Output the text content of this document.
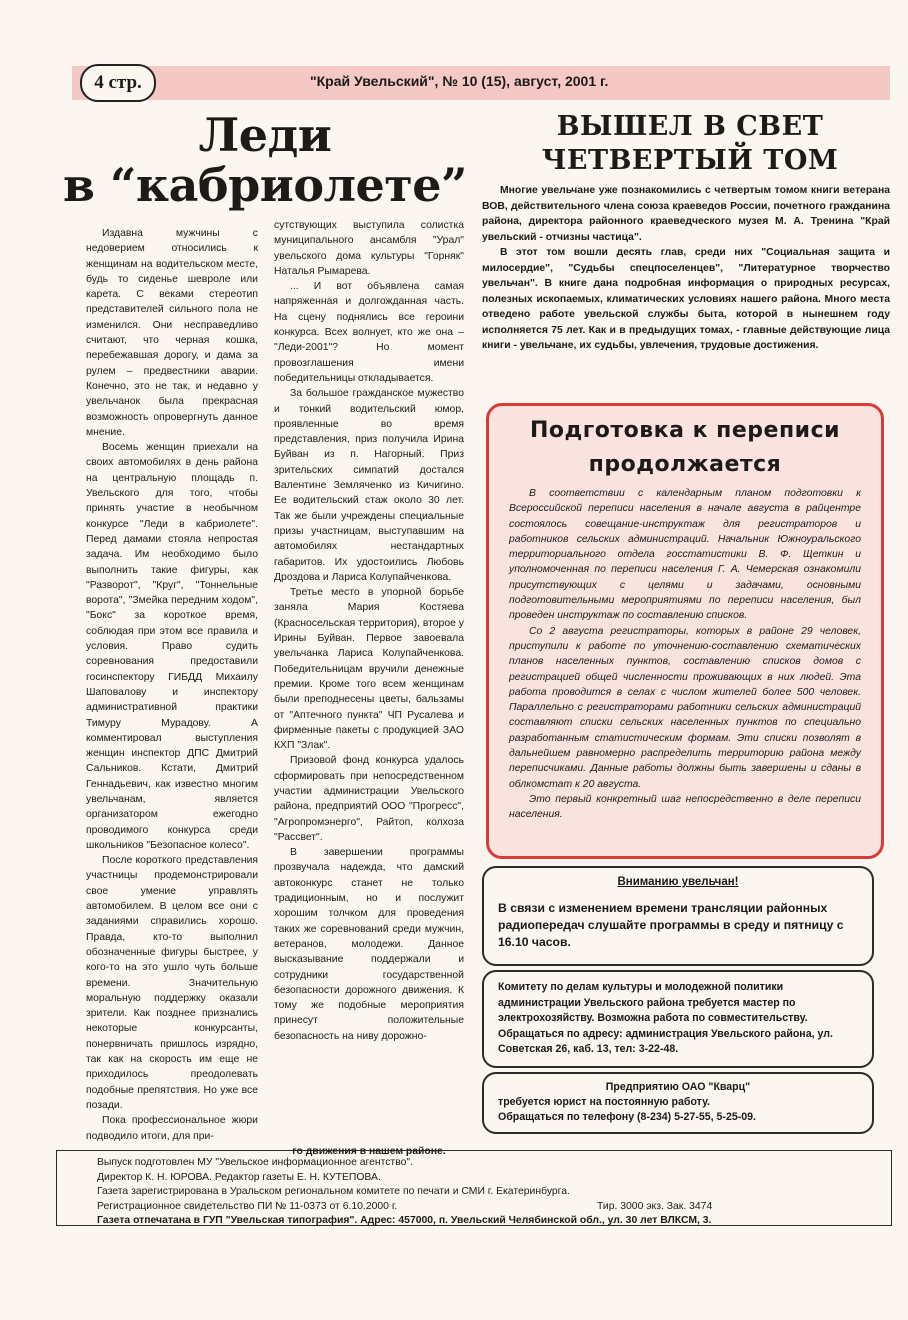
4 стр.	"Край Увельский", № 10 (15), август, 2001 г.
Леди
в “кабриолете”

Издавна мужчины с недоверием относились к женщинам на водительском месте, будь то сиденье шевроле или карета. С веками стереотип представителей сильного пола не изменился. Они несправедливо считают, что черная кошка, перебежавшая дорогу, и дама за рулем – предвестники аварии. Конечно, это не так, и недавно у увельчанок была прекрасная возможность опровергнуть данное мнение.

Восемь женщин приехали на своих автомобилях в день района на центральную площадь п. Увельского для того, чтобы принять участие в необычном конкурсе "Леди в кабриолете". Перед дамами стояла непростая задача. Им необходимо было выполнить такие фигуры, как "Разворот", "Круг", "Тоннельные ворота", "Змейка передним ходом", "Бокс" за короткое время, соблюдая при этом все правила и условия. Право судить соревнования предоставили госинспектору ГИБДД Михаилу Шаповалову и инспектору административной практики Тимуру Мурадову. А комментировал выступления женщин инспектор ДПС Дмитрий Сальников. Кстати, Дмитрий Геннадьевич, как известно многим увельчанам, является организатором ежегодно проводимого конкурса среди школьников "Безопасное колесо".

После короткого представления участницы продемонстрировали свое умение управлять автомобилем. В целом все они с заданиями справились хорошо. Правда, кто-то выполнил обозначенные фигуры быстрее, у кого-то на это ушло чуть больше времени. Значительную моральную поддержку оказали зрители. Как позднее признались некоторые конкурсанты, понервничать пришлось изрядно, так как на скорость им еще не приходилось преодолевать подобные препятствия. Но уже все позади.

Пока профессиональное жюри подводило итоги, для при-

сутствующих выступила солистка муниципального ансамбля "Урал" увельского дома культуры "Горняк" Наталья Рымарева.

... И вот объявлена самая напряженная и долгожданная часть. На сцену поднялись все героини конкурса. Всех волнует, кто же она – "Леди-2001"? Но момент провозглашения имени победительницы откладывается.

За большое гражданское мужество и тонкий водительский юмор, проявленные во время представления, приз получила Ирина Буйван из п. Нагорный. Приз зрительских симпатий достался Валентине Земляченко из Кичигино. Ее водительский стаж около 30 лет. Так же были учреждены специальные призы участницам, выступавшим на автомобилях нестандартных габаритов. Их удостоились Любовь Дроздова и Лариса Колупайченкова.

Третье место в упорной борьбе заняла Мария Костяева (Красносельская территория), второе у Ирины Буйван. Первое завоевала увельчанка Лариса Колупайченкова. Победительницам вручили денежные премии. Кроме того всем женщинам были преподнесены цветы, бальзамы от "Аптечного пункта" ЧП Русалева и фирменные пакеты с продукцией ЗАО КХП "Злак".

Призовой фонд конкурса удалось сформировать при непосредственном участии администрации Увельского района, предприятий ООО "Прогресс", "Агропромэнерго", Райтоп, колхоза "Рассвет".

В завершении программы прозвучала надежда, что дамский автоконкурс станет не только традиционным, но и послужит хорошим толчком для проведения таких же соревнований среди мужчин, ветеранов, молодежи. Данное высказывание поддержали и сотрудники государственной безопасности дорожного движения. К тому же подобные мероприятия принесут положительные безопасность на ниву дорожно-

го движения в нашем районе.
ВЫШЕЛ В СВЕТ
ЧЕТВЕРТЫЙ ТОМ

Многие увельчане уже познакомились с четвертым томом книги ветерана ВОВ, действительного члена союза краеведов России, почетного гражданина района, директора районного краеведческого музея М. А. Тренина "Край увельский - отчизны частица".

В этот том вошли десять глав, среди них "Социальная защита и милосердие", "Судьбы спецпоселенцев", "Литературное творчество увельчан". В книге дана подробная информация о природных ресурсах, полезных ископаемых, климатических условиях нашего района. Много места отведено работе увельской службы быта, которой в нынешнем году исполняется 75 лет. Как и в предыдущих томах, - главные действующие лица книги - увельчане, их судьбы, увлечения, трудовые достижения.

Подготовка к переписи
продолжается

В соответствии с календарным планом подготовки к Всероссийской переписи населения в начале августа в райцентре состоялось совещание-инструктаж для регистраторов и работников сельских администраций. Начальник Южноуральского территориального отдела госстатистики В. Ф. Щеткин и уполномоченная по переписи населения Г. А. Чемерская ознакомили присутствующих с целями и задачами, основными подготовительными мероприятиями по переписи населения, был проведен инструктаж по составлению списков.

Со 2 августа регистраторы, которых в районе 29 человек, приступили к работе по уточнению-составлению схематических планов населенных пунктов, составлению списков домов с регистрацией общей численности проживающих в них людей. Эта работа проводится в селах с числом жителей более 500 человек. Параллельно с регистраторами работники сельских администраций составляют списки сельских населенных пунктов по специально разработанным статистическим формам. Эти списки позволят в дальнейшем равномерно распределить территорию района между переписчиками. Данные работы должны быть завершены и сданы в облкомстат к 20 августа.

Это первый конкретный шаг непосредственно в деле переписи населения.

Вниманию увельчан!
В связи с изменением времени трансляции районных радиопередач слушайте программы в среду и пятницу с 16.10 часов.
Комитету по делам культуры и молодежной политики администрации Увельского района требуется мастер по электрохозяйству. Возможна работа по совместительству. Обращаться по адресу: администрация Увельского района, ул. Советская 26, каб. 13, тел: 3-22-48.
Предприятию ОАО "Кварц"
требуется юрист на постоянную работу.
Обращаться по телефону (8-234) 5-27-55, 5-25-09.
Выпуск подготовлен МУ "Увельское информационное агентство".
Директор К. Н. ЮРОВА. Редактор газеты Е. Н. КУТЕПОВА.
Газета зарегистрирована в Уральском региональном комитете по печати и СМИ г. Екатеринбурга.
Регистрационное свидетельство ПИ № 11-0373 от 6.10.2000 г.	Тир. 3000 экз. Зак. 3474
Газета отпечатана в ГУП "Увельская типография". Адрес: 457000, п. Увельский Челябинской обл., ул. 30 лет ВЛКСМ, 3.
